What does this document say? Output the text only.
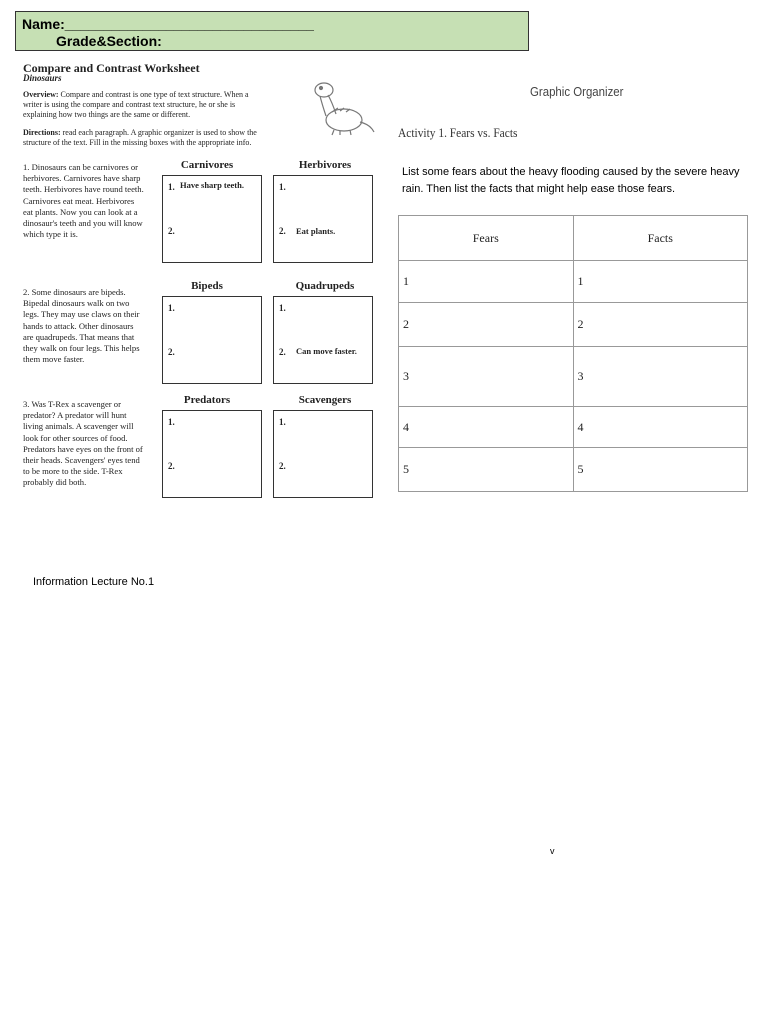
Name:________________________________
Grade&Section:
Compare and Contrast Worksheet
Dinosaurs
Overview: Compare and contrast is one type of text structure. When a
writer is using the compare and contrast text structure, he or she is
explaining how two things are the same or different.
Directions: read each paragraph. A graphic organizer is used to show the
structure of the text. Fill in the missing boxes with the appropriate info.
1. Dinosaurs can be carnivores or herbivores. Carnivores have sharp teeth. Herbivores have round teeth. Carnivores eat meat. Herbivores eat plants. Now you can look at a dinosaur's teeth and you will know which type it is.
Carnivores	Herbivores
1. Have sharp teeth.
2.
1.
2. Eat plants.
2. Some dinosaurs are bipeds. Bipedal dinosaurs walk on two legs. They may use claws on their hands to attack. Other dinosaurs are quadrupeds. That means that they walk on four legs. This helps them move faster.
Bipeds	Quadrupeds
1.
2.
1.
2. Can move faster.
3. Was T-Rex a scavenger or predator? A predator will hunt living animals. A scavenger will look for other sources of food. Predators have eyes on the front of their heads. Scavengers' eyes tend to be more to the side. T-Rex probably did both.
Predators	Scavengers
1.
2.
1.
2.
Graphic Organizer
Activity 1. Fears vs. Facts
List some fears about the heavy flooding caused by the severe heavy rain. Then list the facts that might help ease those fears.
Fears	Facts
1	1
2	2
3	3
4	4
5	5
Information Lecture No.1
v
